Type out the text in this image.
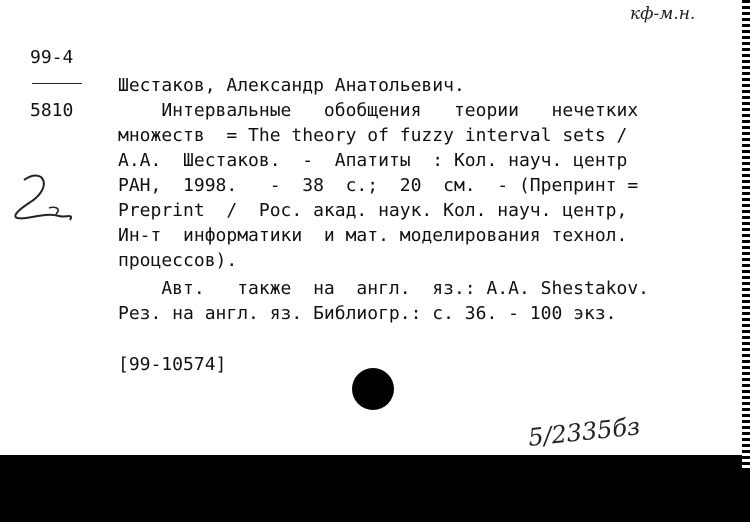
кф-м.н.
99-4
5810
Шестаков, Александр Анатольевич.
Интервальные   обобщения   теории   нечетких
множеств  = The theory of fuzzy interval sets /
А.А.  Шестаков.  -  Апатиты  : Кол. науч. центр
РАН,  1998.   -  38  с.;  20  см.  - (Препринт =
Preprint  /  Рос. акад. наук. Кол. науч. центр,
Ин-т  информатики  и мат. моделирования технол.
процессов).
Авт.   также  на  англ.  яз.: А.А. Shestakov.
Рез. на англ. яз. Библиогр.: с. 36. - 100 экз.
[99-10574]
5/2335бз
